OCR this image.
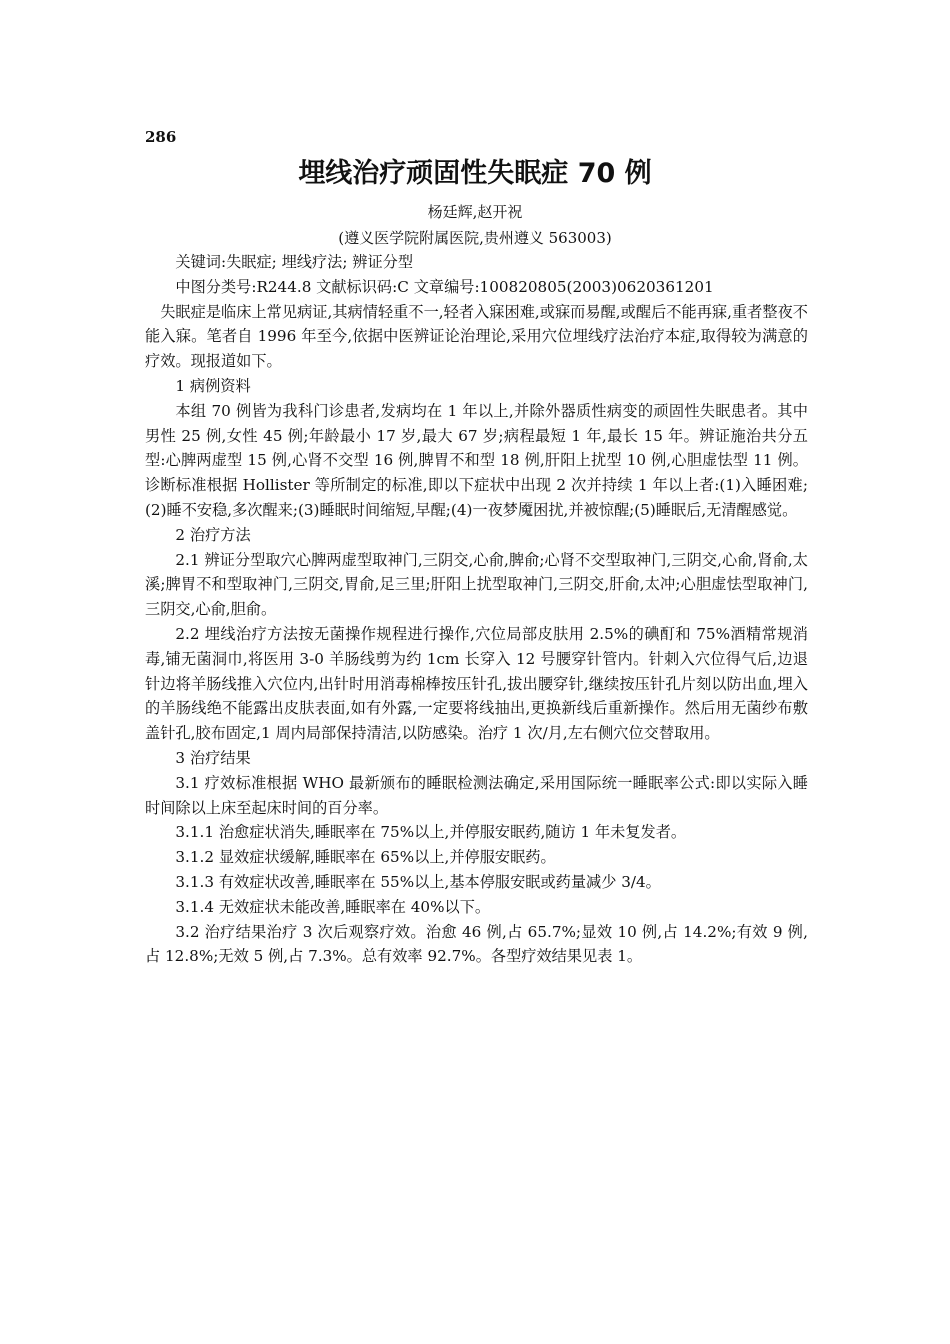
286
埋线治疗顽固性失眠症 70 例
杨廷辉,赵开祝
(遵义医学院附属医院,贵州遵义 563003)

关键词:失眠症; 埋线疗法; 辨证分型

中图分类号:R244.8 文献标识码:C 文章编号:100820805(2003)0620361201

失眠症是临床上常见病证,其病情轻重不一,轻者入寐困难,或寐而易醒,或醒后不能再寐,重者整夜不能入寐。笔者自 1996 年至今,依据中医辨证论治理论,采用穴位埋线疗法治疗本症,取得较为满意的疗效。现报道如下。

1 病例资料

本组 70 例皆为我科门诊患者,发病均在 1 年以上,并除外器质性病变的顽固性失眠患者。其中男性 25 例,女性 45 例;年龄最小 17 岁,最大 67 岁;病程最短 1 年,最长 15 年。辨证施治共分五型:心脾两虚型 15 例,心肾不交型 16 例,脾胃不和型 18 例,肝阳上扰型 10 例,心胆虚怯型 11 例。诊断标准根据 Hollister 等所制定的标准,即以下症状中出现 2 次并持续 1 年以上者:(1)入睡困难;(2)睡不安稳,多次醒来;(3)睡眠时间缩短,早醒;(4)一夜梦魇困扰,并被惊醒;(5)睡眠后,无清醒感觉。

2 治疗方法

2.1 辨证分型取穴心脾两虚型取神门,三阴交,心俞,脾俞;心肾不交型取神门,三阴交,心俞,肾俞,太溪;脾胃不和型取神门,三阴交,胃俞,足三里;肝阳上扰型取神门,三阴交,肝俞,太冲;心胆虚怯型取神门,三阴交,心俞,胆俞。

2.2 埋线治疗方法按无菌操作规程进行操作,穴位局部皮肤用 2.5%的碘酊和 75%酒精常规消毒,铺无菌洞巾,将医用 3-0 羊肠线剪为约 1cm 长穿入 12 号腰穿针管内。针刺入穴位得气后,边退针边将羊肠线推入穴位内,出针时用消毒棉棒按压针孔,拔出腰穿针,继续按压针孔片刻以防出血,埋入的羊肠线绝不能露出皮肤表面,如有外露,一定要将线抽出,更换新线后重新操作。然后用无菌纱布敷盖针孔,胶布固定,1 周内局部保持清洁,以防感染。治疗 1 次/月,左右侧穴位交替取用。

3 治疗结果

3.1 疗效标准根据 WHO 最新颁布的睡眠检测法确定,采用国际统一睡眠率公式:即以实际入睡时间除以上床至起床时间的百分率。

3.1.1 治愈症状消失,睡眠率在 75%以上,并停服安眠药,随访 1 年未复发者。

3.1.2 显效症状缓解,睡眠率在 65%以上,并停服安眠药。

3.1.3 有效症状改善,睡眠率在 55%以上,基本停服安眠或药量减少 3/4。

3.1.4 无效症状未能改善,睡眠率在 40%以下。

3.2 治疗结果治疗 3 次后观察疗效。治愈 46 例,占 65.7%;显效 10 例,占 14.2%;有效 9 例,占 12.8%;无效 5 例,占 7.3%。总有效率 92.7%。各型疗效结果见表 1。
